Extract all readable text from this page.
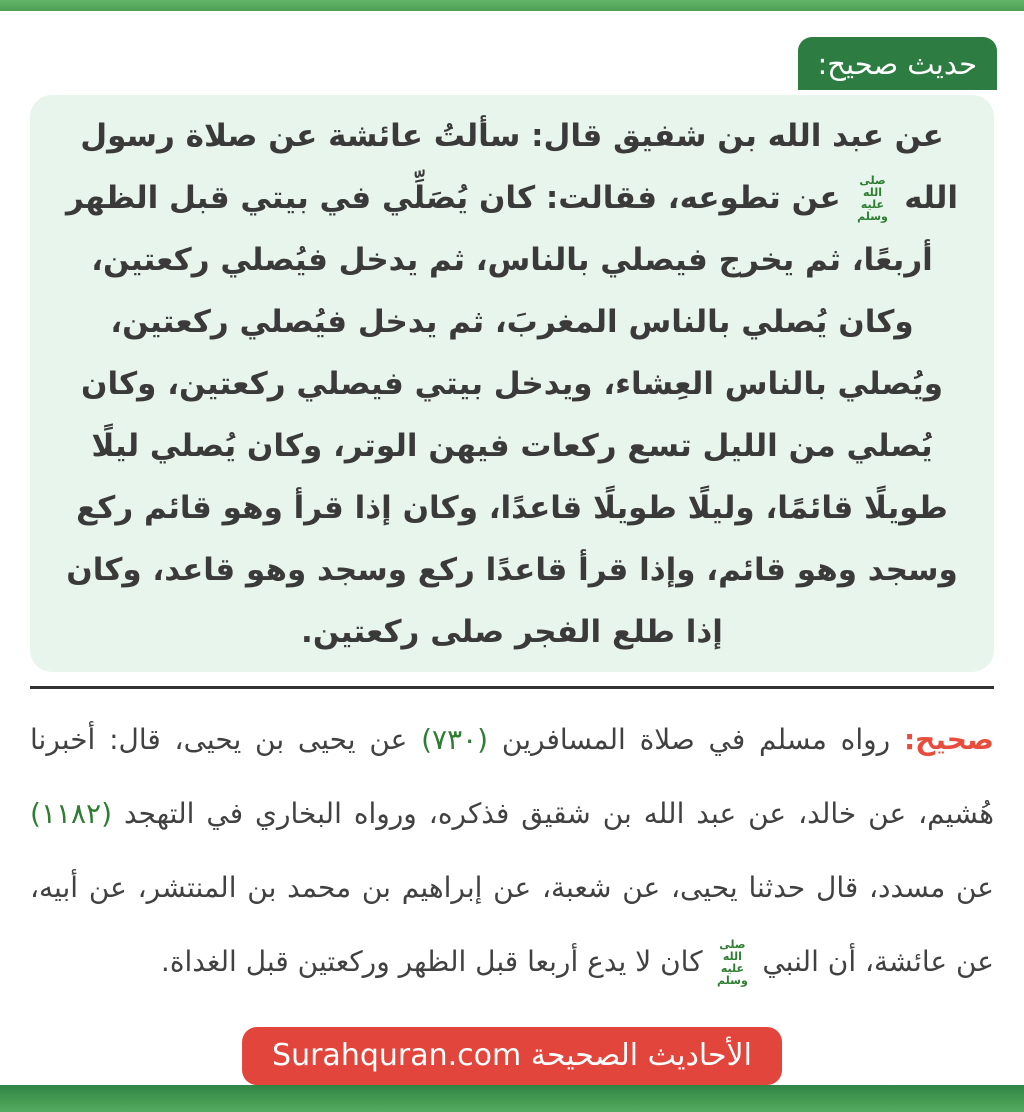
حديث صحيح:

عن عبد الله بن شفيق قال: سألتُ عائشة عن صلاة رسول الله صلى الله عليه وسلم عن تطوعه، فقالت: كان يُصَلِّي في بيتي قبل الظهر أربعًا، ثم يخرج فيصلي بالناس، ثم يدخل فيُصلي ركعتين، وكان يُصلي بالناس المغربَ، ثم يدخل فيُصلي ركعتين، ويُصلي بالناس العِشاء، ويدخل بيتي فيصلي ركعتين، وكان يُصلي من الليل تسع ركعات فيهن الوتر، وكان يُصلي ليلًا طويلًا قائمًا، وليلًا طويلًا قاعدًا، وكان إذا قرأ وهو قائم ركع وسجد وهو قائم، وإذا قرأ قاعدًا ركع وسجد وهو قاعد، وكان إذا طلع الفجر صلى ركعتين.

صحيح: رواه مسلم في صلاة المسافرين (٧٣٠) عن يحيى بن يحيى، قال: أخبرنا هُشيم، عن خالد، عن عبد الله بن شقيق فذكره، ورواه البخاري في التهجد (١١٨٢) عن مسدد، قال حدثنا يحيى، عن شعبة، عن إبراهيم بن محمد بن المنتشر، عن أبيه، عن عائشة، أن النبي صلى الله عليه وسلم كان لا يدع أربعا قبل الظهر وركعتين قبل الغداة.

الأحاديث الصحيحة Surahquran.com
